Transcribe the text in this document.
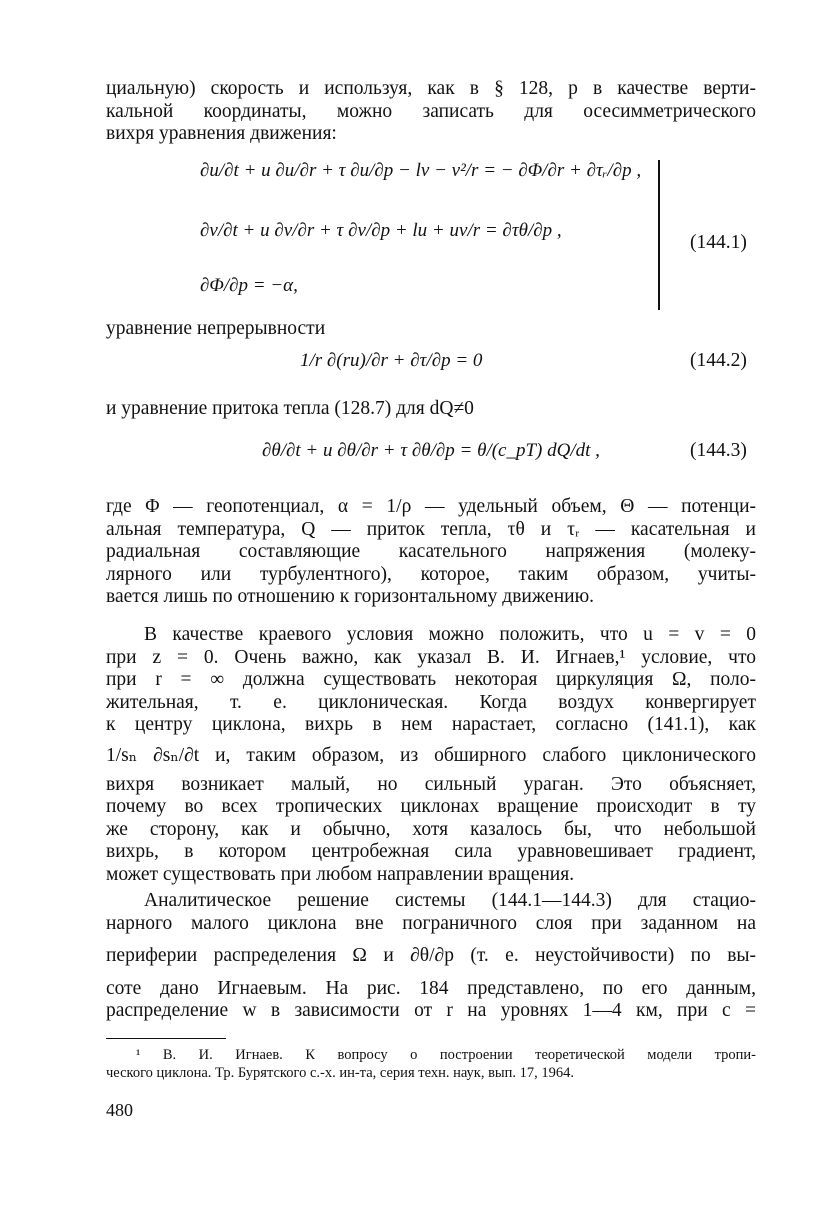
циальную) скорость и используя, как в § 128, p в качестве верти-
кальной координаты, можно записать для осесимметрического
вихря уравнения движения:

∂u/∂t + u ∂u/∂r + τ ∂u/∂p − lv − v²/r = − ∂Φ/∂r + ∂τᵣ/∂p ,
∂v/∂t + u ∂v/∂r + τ ∂v/∂p + lu + uv/r = ∂τθ/∂p ,
∂Φ/∂p = −α,
(144.1)

уравнение непрерывности

1/r ∂(ru)/∂r + ∂τ/∂p = 0	(144.2)

и уравнение притока тепла (128.7) для dQ≠0

∂θ/∂t + u ∂θ/∂r + τ ∂θ/∂p = θ/(c_pT) dQ/dt ,	(144.3)

где Φ — геопотенциал, α = 1/ρ — удельный объем, Θ — потенци-
альная температура, Q — приток тепла, τθ и τᵣ — касательная и
радиальная составляющие касательного напряжения (молеку-
лярного или турбулентного), которое, таким образом, учиты-
вается лишь по отношению к горизонтальному движению.

В качестве краевого условия можно положить, что u = v = 0
при z = 0. Очень важно, как указал В. И. Игнаев,¹ условие, что
при r = ∞ должна существовать некоторая циркуляция Ω, поло-
жительная, т. е. циклоническая. Когда воздух конвергирует
к центру циклона, вихрь в нем нарастает, согласно (141.1), как
1/sₙ ∂sₙ/∂t и, таким образом, из обширного слабого циклонического
вихря возникает малый, но сильный ураган. Это объясняет,
почему во всех тропических циклонах вращение происходит в ту
же сторону, как и обычно, хотя казалось бы, что небольшой
вихрь, в котором центробежная сила уравновешивает градиент,
может существовать при любом направлении вращения.

Аналитическое решение системы (144.1—144.3) для стацио-
нарного малого циклона вне пограничного слоя при заданном на
периферии распределения Ω и ∂θ/∂p (т. е. неустойчивости) по вы-
соте дано Игнаевым. На рис. 184 представлено, по его данным,
распределение w в зависимости от r на уровнях 1—4 км, при c =

¹ В. И. Игнаев. К вопросу о построении теоретической модели тропи-
ческого циклона. Тр. Бурятского с.-х. ин-та, серия техн. наук, вып. 17, 1964.

480
